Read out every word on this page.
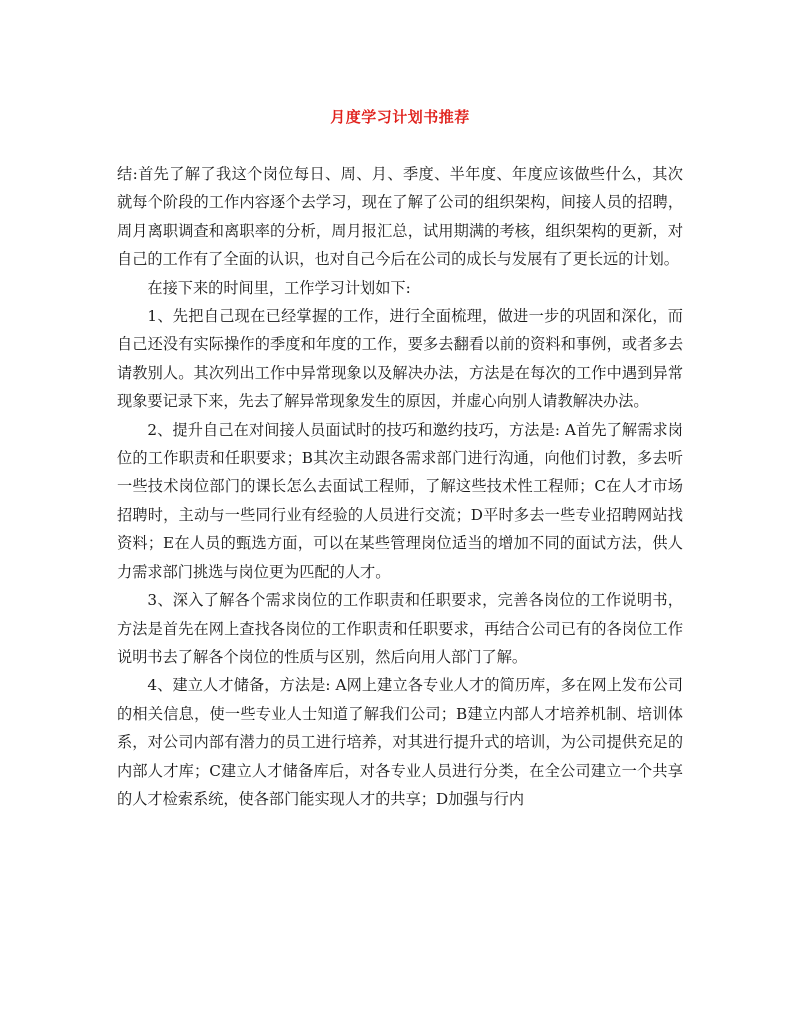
月度学习计划书推荐

结:首先了解了我这个岗位每日、周、月、季度、半年度、年度应该做些什么，其次就每个阶段的工作内容逐个去学习，现在了解了公司的组织架构，间接人员的招聘，周月离职调查和离职率的分析，周月报汇总，试用期满的考核，组织架构的更新，对自己的工作有了全面的认识，也对自己今后在公司的成长与发展有了更长远的计划。

在接下来的时间里，工作学习计划如下:

1、先把自己现在已经掌握的工作，进行全面梳理，做进一步的巩固和深化，而自己还没有实际操作的季度和年度的工作，要多去翻看以前的资料和事例，或者多去请教别人。其次列出工作中异常现象以及解决办法，方法是在每次的工作中遇到异常现象要记录下来，先去了解异常现象发生的原因，并虚心向别人请教解决办法。

2、提升自己在对间接人员面试时的技巧和邀约技巧，方法是: A首先了解需求岗位的工作职责和任职要求；B其次主动跟各需求部门进行沟通，向他们讨教，多去听一些技术岗位部门的课长怎么去面试工程师，了解这些技术性工程师；C在人才市场招聘时，主动与一些同行业有经验的人员进行交流；D平时多去一些专业招聘网站找资料；E在人员的甄选方面，可以在某些管理岗位适当的增加不同的面试方法，供人力需求部门挑选与岗位更为匹配的人才。

3、深入了解各个需求岗位的工作职责和任职要求，完善各岗位的工作说明书，方法是首先在网上查找各岗位的工作职责和任职要求，再结合公司已有的各岗位工作说明书去了解各个岗位的性质与区别，然后向用人部门了解。

4、建立人才储备，方法是: A网上建立各专业人才的简历库，多在网上发布公司的相关信息，使一些专业人士知道了解我们公司；B建立内部人才培养机制、培训体系，对公司内部有潜力的员工进行培养，对其进行提升式的培训，为公司提供充足的内部人才库；C建立人才储备库后，对各专业人员进行分类，在全公司建立一个共享的人才检索系统，使各部门能实现人才的共享；D加强与行内
